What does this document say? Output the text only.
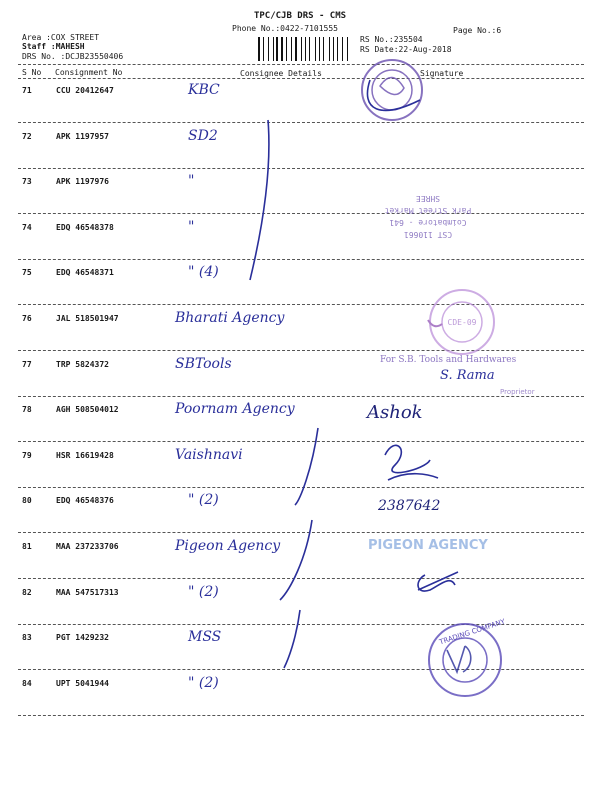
TPC/CJB DRS - CMS
Phone No.:0422-7101555	Page No.:6
Area :COX STREET
Staff :MAHESH
DRS No. :DCJB23550406
RS No.:235504
RS Date:22-Aug-2018
S No Consignment No	Consignee Details	Signature
71	CCU 20412647	KBC
72	APK 1197957	SD2
73	APK 1197976	"
74	EDQ 46548378	"
75	EDQ 46548371	" (4)
76	JAL 518501947	Bharati Agency
77	TRP 5824372	SBTools
78	AGH 508504012	Poornam Agency
79	HSR 16619428	Vaishnavi
80	EDQ 46548376	" (2)
81	MAA 237233706	Pigeon Agency
82	MAA 547517313	" (2)
83	PGT 1429232	MSS
84	UPT 5041944	" (2)
CST 110661
Coimbatore - 641
Park Street Market
SHREE
CDE-09
Ashok
2387642
S. Rama
For S.B. Tools and Hardwares
Proprietor
PIGEON AGENCY
TRADING COMPANY
